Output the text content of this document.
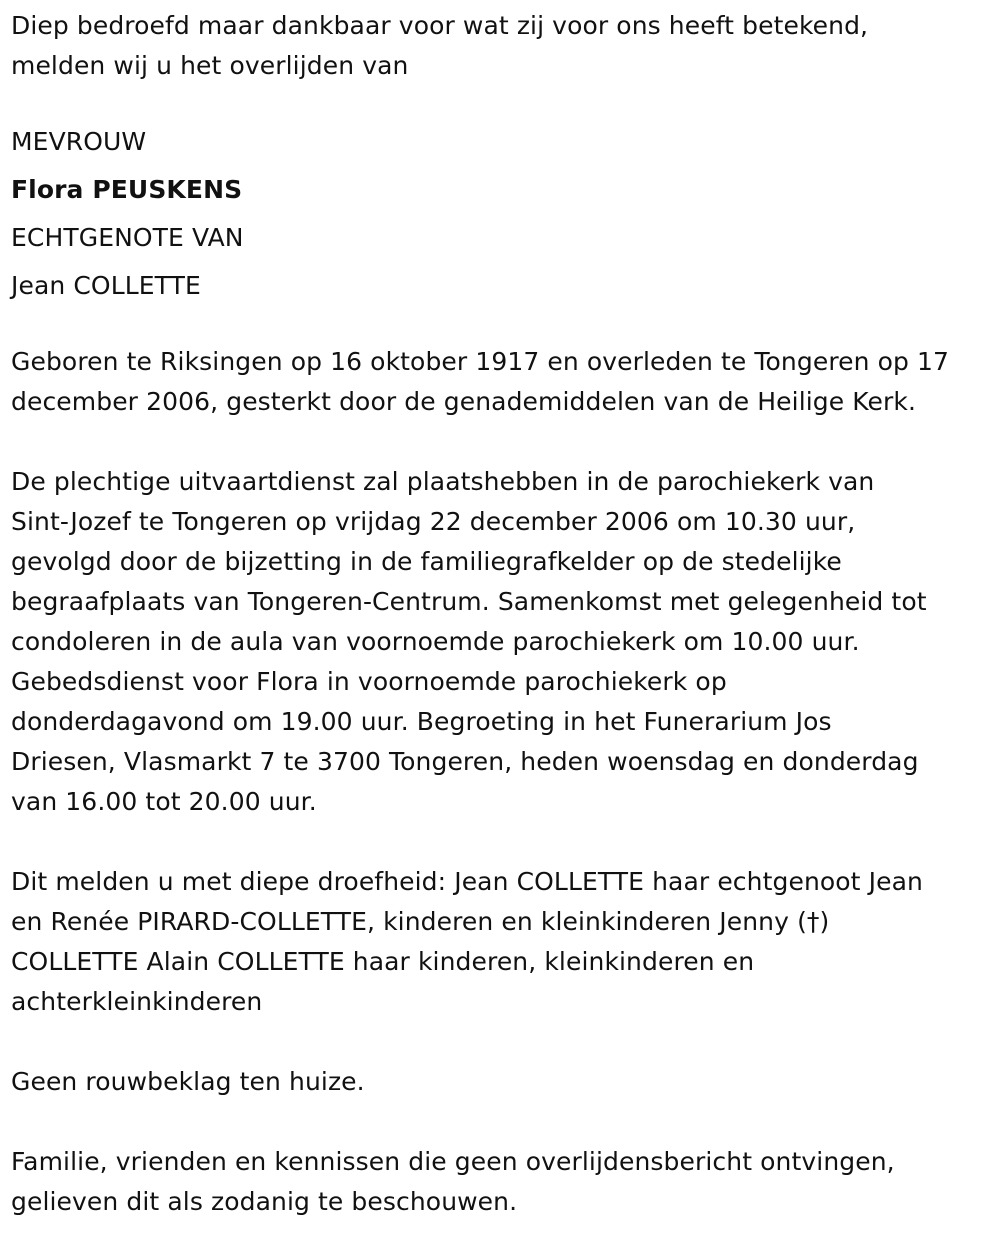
Diep bedroefd maar dankbaar voor wat zij voor ons heeft betekend,

melden wij u het overlijden van

MEVROUW

Flora PEUSKENS

ECHTGENOTE VAN

Jean COLLETTE

Geboren te Riksingen op 16 oktober 1917 en overleden te Tongeren op 17

december 2006, gesterkt door de genademiddelen van de Heilige Kerk.

De plechtige uitvaartdienst zal plaatshebben in de parochiekerk van

Sint-Jozef te Tongeren op vrijdag 22 december 2006 om 10.30 uur,

gevolgd door de bijzetting in de familiegrafkelder op de stedelijke

begraafplaats van Tongeren-Centrum. Samenkomst met gelegenheid tot

condoleren in de aula van voornoemde parochiekerk om 10.00 uur.

Gebedsdienst voor Flora in voornoemde parochiekerk op

donderdagavond om 19.00 uur. Begroeting in het Funerarium Jos

Driesen, Vlasmarkt 7 te 3700 Tongeren, heden woensdag en donderdag

van 16.00 tot 20.00 uur.

Dit melden u met diepe droefheid: Jean COLLETTE haar echtgenoot Jean

en Renée PIRARD-COLLETTE, kinderen en kleinkinderen Jenny (†)

COLLETTE Alain COLLETTE haar kinderen, kleinkinderen en

achterkleinkinderen

Geen rouwbeklag ten huize.

Familie, vrienden en kennissen die geen overlijdensbericht ontvingen,

gelieven dit als zodanig te beschouwen.
